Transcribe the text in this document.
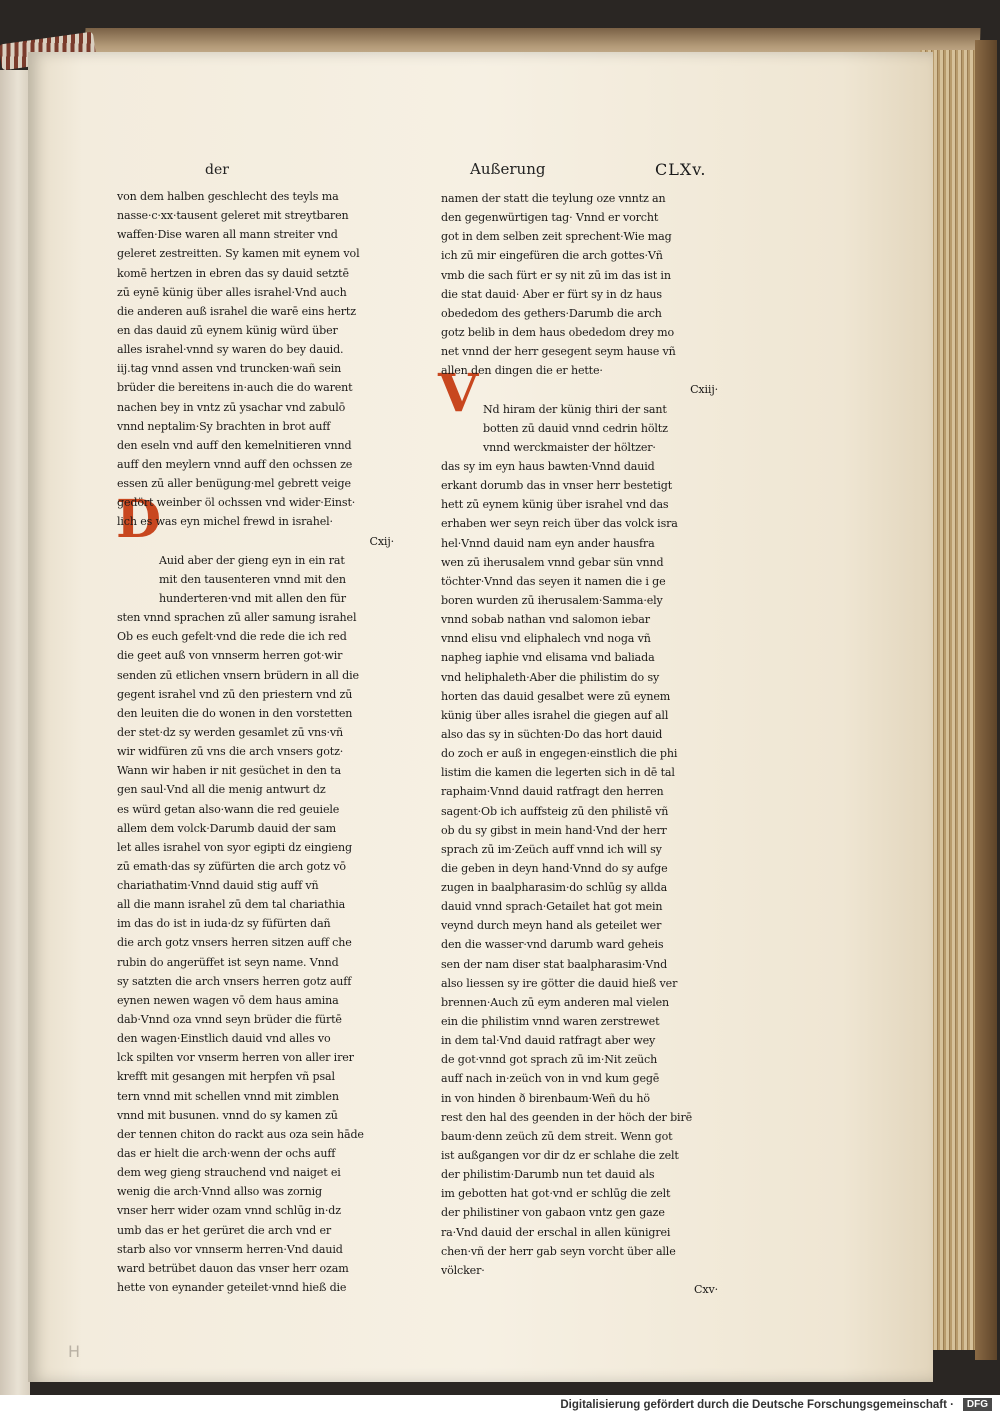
H
der	Außerung	CLXv.
D
V
von dem halben geschlecht des teyls ma
nasse·c·xx·tausent geleret mit streytbaren
waffen·Dise waren all mann streiter vnd
geleret zestreitten. Sy kamen mit eynem vol
komē hertzen in ebren das sy dauid setztē
zū eynē künig über alles israhel·Vnd auch
die anderen auß israhel die warē eins hertz
en das dauid zū eynem künig würd über
alles israhel·vnnd sy waren do bey dauid.
iij.tag vnnd assen vnd truncken·wañ sein
brüder die bereitens in·auch die do warent
nachen bey in vntz zū ysachar vnd zabulō
vnnd neptalim·Sy brachten in brot auff
den eseln vnd auff den kemelnitieren vnnd
auff den meylern vnnd auff den ochssen ze
essen zū aller benügung·mel gebrett veige
gedört weinber öl ochssen vnd wider·Einst·
lich es was eyn michel frewd in israhel·
Cxij·
Auid aber der gieng eyn in ein rat
mit den tausenteren vnnd mit den
hunderteren·vnd mit allen den für
sten vnnd sprachen zū aller samung israhel
Ob es euch gefelt·vnd die rede die ich red
die geet auß von vnnserm herren got·wir
senden zū etlichen vnsern brüdern in all die
gegent israhel vnd zū den priestern vnd zū
den leuiten die do wonen in den vorstetten
der stet·dz sy werden gesamlet zū vns·vñ
wir widfüren zū vns die arch vnsers gotz·
Wann wir haben ir nit gesüchet in den ta
gen saul·Vnd all die menig antwurt dz
es würd getan also·wann die red geuiele
allem dem volck·Darumb dauid der sam
let alles israhel von syor egipti dz eingieng
zū emath·das sy züfürten die arch gotz vō
chariathatim·Vnnd dauid stig auff vñ
all die mann israhel zū dem tal chariathia
im das do ist in iuda·dz sy füfürten dañ
die arch gotz vnsers herren sitzen auff che
rubin do angerüffet ist seyn name. Vnnd
sy satzten die arch vnsers herren gotz auff
eynen newen wagen vō dem haus amina
dab·Vnnd oza vnnd seyn brüder die fürtē
den wagen·Einstlich dauid vnd alles vo
lck spilten vor vnserm herren von aller irer
krefft mit gesangen mit herpfen vñ psal
tern vnnd mit schellen vnnd mit zimblen
vnnd mit busunen. vnnd do sy kamen zū
der tennen chiton do rackt aus oza sein hāde
das er hielt die arch·wenn der ochs auff
dem weg gieng strauchend vnd naiget ei
wenig die arch·Vnnd allso was zornig
vnser herr wider ozam vnnd schlūg in·dz
umb das er het gerüret die arch vnd er
starb also vor vnnserm herren·Vnd dauid
ward betrübet dauon das vnser herr ozam
hette von eynander geteilet·vnnd hieß die
namen der statt die teylung oze vnntz an
den gegenwürtigen tag· Vnnd er vorcht
got in dem selben zeit sprechent·Wie mag
ich zū mir eingefüren die arch gottes·Vñ
vmb die sach fürt er sy nit zū im das ist in
die stat dauid· Aber er fürt sy in dz haus
obededom des gethers·Darumb die arch
gotz belib in dem haus obededom drey mo
net vnnd der herr gesegent seym hause vñ
allen den dingen die er hette·
Cxiij·
Nd hiram der künig thiri der sant
botten zū dauid vnnd cedrin höltz
vnnd werckmaister der höltzer·
das sy im eyn haus bawten·Vnnd dauid
erkant dorumb das in vnser herr bestetigt
hett zū eynem künig über israhel vnd das
erhaben wer seyn reich über das volck isra
hel·Vnnd dauid nam eyn ander hausfra
wen zū iherusalem vnnd gebar sün vnnd
töchter·Vnnd das seyen it namen die i ge
boren wurden zū iherusalem·Samma·ely
vnnd sobab nathan vnd salomon iebar
vnnd elisu vnd eliphalech vnd noga vñ
napheg iaphie vnd elisama vnd baliada
vnd heliphaleth·Aber die philistim do sy
horten das dauid gesalbet were zū eynem
künig über alles israhel die giegen auf all
also das sy in süchten·Do das hort dauid
do zoch er auß in engegen·einstlich die phi
listim die kamen die legerten sich in dē tal
raphaim·Vnnd dauid ratfragt den herren
sagent·Ob ich auffsteig zū den philistē vñ
ob du sy gibst in mein hand·Vnd der herr
sprach zū im·Zeüch auff vnnd ich will sy
die geben in deyn hand·Vnnd do sy aufge
zugen in baalpharasim·do schlūg sy allda
dauid vnnd sprach·Getailet hat got mein
veynd durch meyn hand als geteilet wer
den die wasser·vnd darumb ward geheis
sen der nam diser stat baalpharasim·Vnd
also liessen sy ire götter die dauid hieß ver
brennen·Auch zū eym anderen mal vielen
ein die philistim vnnd waren zerstrewet
in dem tal·Vnd dauid ratfragt aber wey
de got·vnnd got sprach zū im·Nit zeüch
auff nach in·zeüch von in vnd kum gegē
in von hinden ð birenbaum·Weñ du hö
rest den hal des geenden in der höch der birē
baum·denn zeüch zū dem streit. Wenn got
ist außgangen vor dir dz er schlahe die zelt
der philistim·Darumb nun tet dauid als
im gebotten hat got·vnd er schlūg die zelt
der philistiner von gabaon vntz gen gaze
ra·Vnd dauid der erschal in allen künigrei
chen·vñ der herr gab seyn vorcht über alle
völcker·
Cxv·
Digitalisierung gefördert durch die Deutsche Forschungsgemeinschaft ·	DFG
